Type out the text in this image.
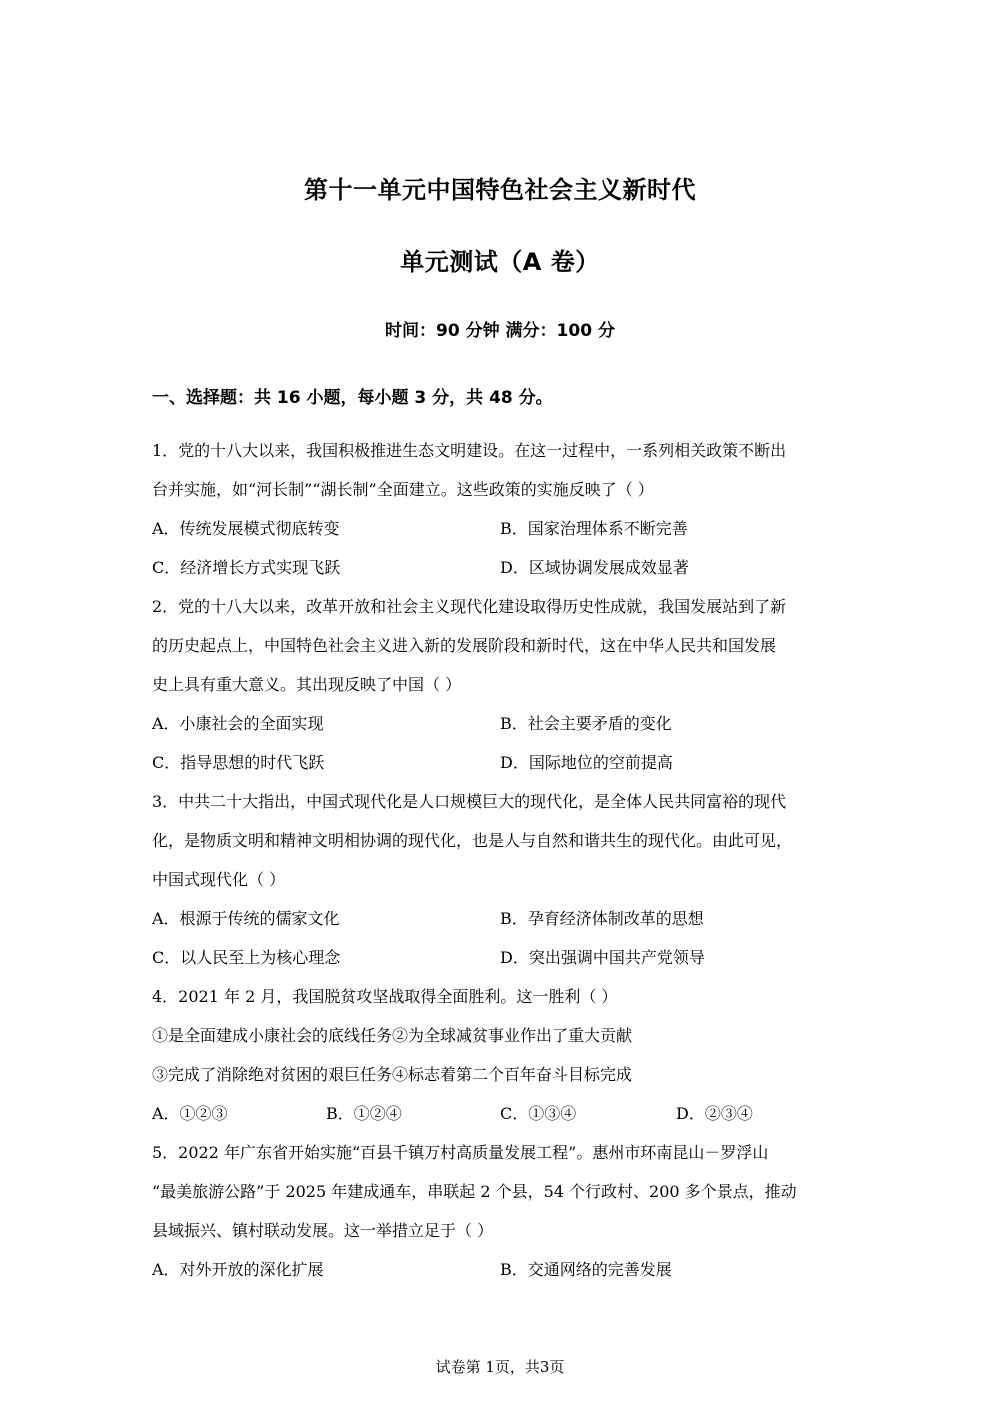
第十一单元中国特色社会主义新时代
单元测试（A 卷）
时间：90 分钟 满分：100 分
一、选择题：共 16 小题，每小题 3 分，共 48 分。
1．党的十八大以来，我国积极推进生态文明建设。在这一过程中，一系列相关政策不断出
台并实施，如“河长制”“湖长制”全面建立。这些政策的实施反映了（ ）
A．传统发展模式彻底转变	B．国家治理体系不断完善
C．经济增长方式实现飞跃	D．区域协调发展成效显著
2．党的十八大以来，改革开放和社会主义现代化建设取得历史性成就，我国发展站到了新
的历史起点上，中国特色社会主义进入新的发展阶段和新时代，这在中华人民共和国发展
史上具有重大意义。其出现反映了中国（ ）
A．小康社会的全面实现	B．社会主要矛盾的变化
C．指导思想的时代飞跃	D．国际地位的空前提高
3．中共二十大指出，中国式现代化是人口规模巨大的现代化，是全体人民共同富裕的现代
化，是物质文明和精神文明相协调的现代化，也是人与自然和谐共生的现代化。由此可见，
中国式现代化（ ）
A．根源于传统的儒家文化	B．孕育经济体制改革的思想
C．以人民至上为核心理念	D．突出强调中国共产党领导
4．2021 年 2 月，我国脱贫攻坚战取得全面胜利。这一胜利（ ）
①是全面建成小康社会的底线任务②为全球减贫事业作出了重大贡献
③完成了消除绝对贫困的艰巨任务④标志着第二个百年奋斗目标完成
A．①②③	B．①②④	C．①③④	D．②③④
5．2022 年广东省开始实施“百县千镇万村高质量发展工程”。惠州市环南昆山－罗浮山
“最美旅游公路”于 2025 年建成通车，串联起 2 个县，54 个行政村、200 多个景点，推动
县域振兴、镇村联动发展。这一举措立足于（ ）
A．对外开放的深化扩展	B．交通网络的完善发展
试卷第 1页，共3页
